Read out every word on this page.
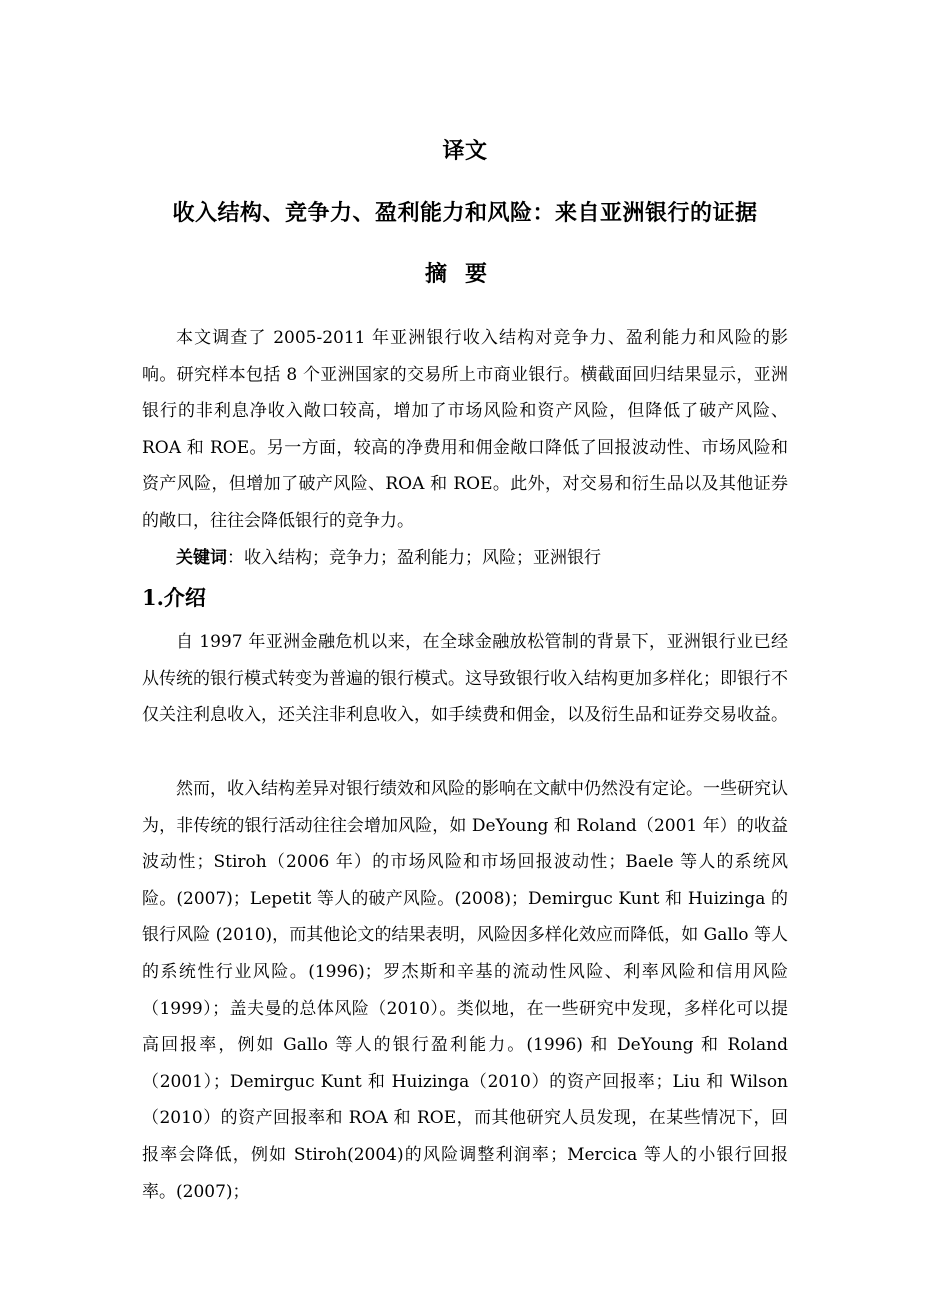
译文
收入结构、竞争力、盈利能力和风险：来自亚洲银行的证据
摘要
本文调查了 2005-2011 年亚洲银行收入结构对竞争力、盈利能力和风险的影响。研究样本包括 8 个亚洲国家的交易所上市商业银行。横截面回归结果显示，亚洲银行的非利息净收入敞口较高，增加了市场风险和资产风险，但降低了破产风险、ROA 和 ROE。另一方面，较高的净费用和佣金敞口降低了回报波动性、市场风险和资产风险，但增加了破产风险、ROA 和 ROE。此外，对交易和衍生品以及其他证券的敞口，往往会降低银行的竞争力。
关键词：收入结构；竞争力；盈利能力；风险；亚洲银行
1.介绍
自 1997 年亚洲金融危机以来，在全球金融放松管制的背景下，亚洲银行业已经从传统的银行模式转变为普遍的银行模式。这导致银行收入结构更加多样化；即银行不仅关注利息收入，还关注非利息收入，如手续费和佣金，以及衍生品和证券交易收益。
然而，收入结构差异对银行绩效和风险的影响在文献中仍然没有定论。一些研究认为，非传统的银行活动往往会增加风险，如 DeYoung 和 Roland（2001 年）的收益波动性；Stiroh（2006 年）的市场风险和市场回报波动性；Baele 等人的系统风险。(2007)；Lepetit 等人的破产风险。(2008)；Demirguc Kunt 和 Huizinga 的银行风险 (2010)，而其他论文的结果表明，风险因多样化效应而降低，如 Gallo 等人的系统性行业风险。(1996)；罗杰斯和辛基的流动性风险、利率风险和信用风险（1999）；盖夫曼的总体风险（2010）。类似地，在一些研究中发现，多样化可以提高回报率，例如 Gallo 等人的银行盈利能力。(1996) 和 DeYoung 和 Roland（2001）；Demirguc Kunt 和 Huizinga（2010）的资产回报率；Liu 和 Wilson（2010）的资产回报率和 ROA 和 ROE，而其他研究人员发现，在某些情况下，回报率会降低，例如 Stiroh(2004)的风险调整利润率；Mercica 等人的小银行回报率。(2007)；
